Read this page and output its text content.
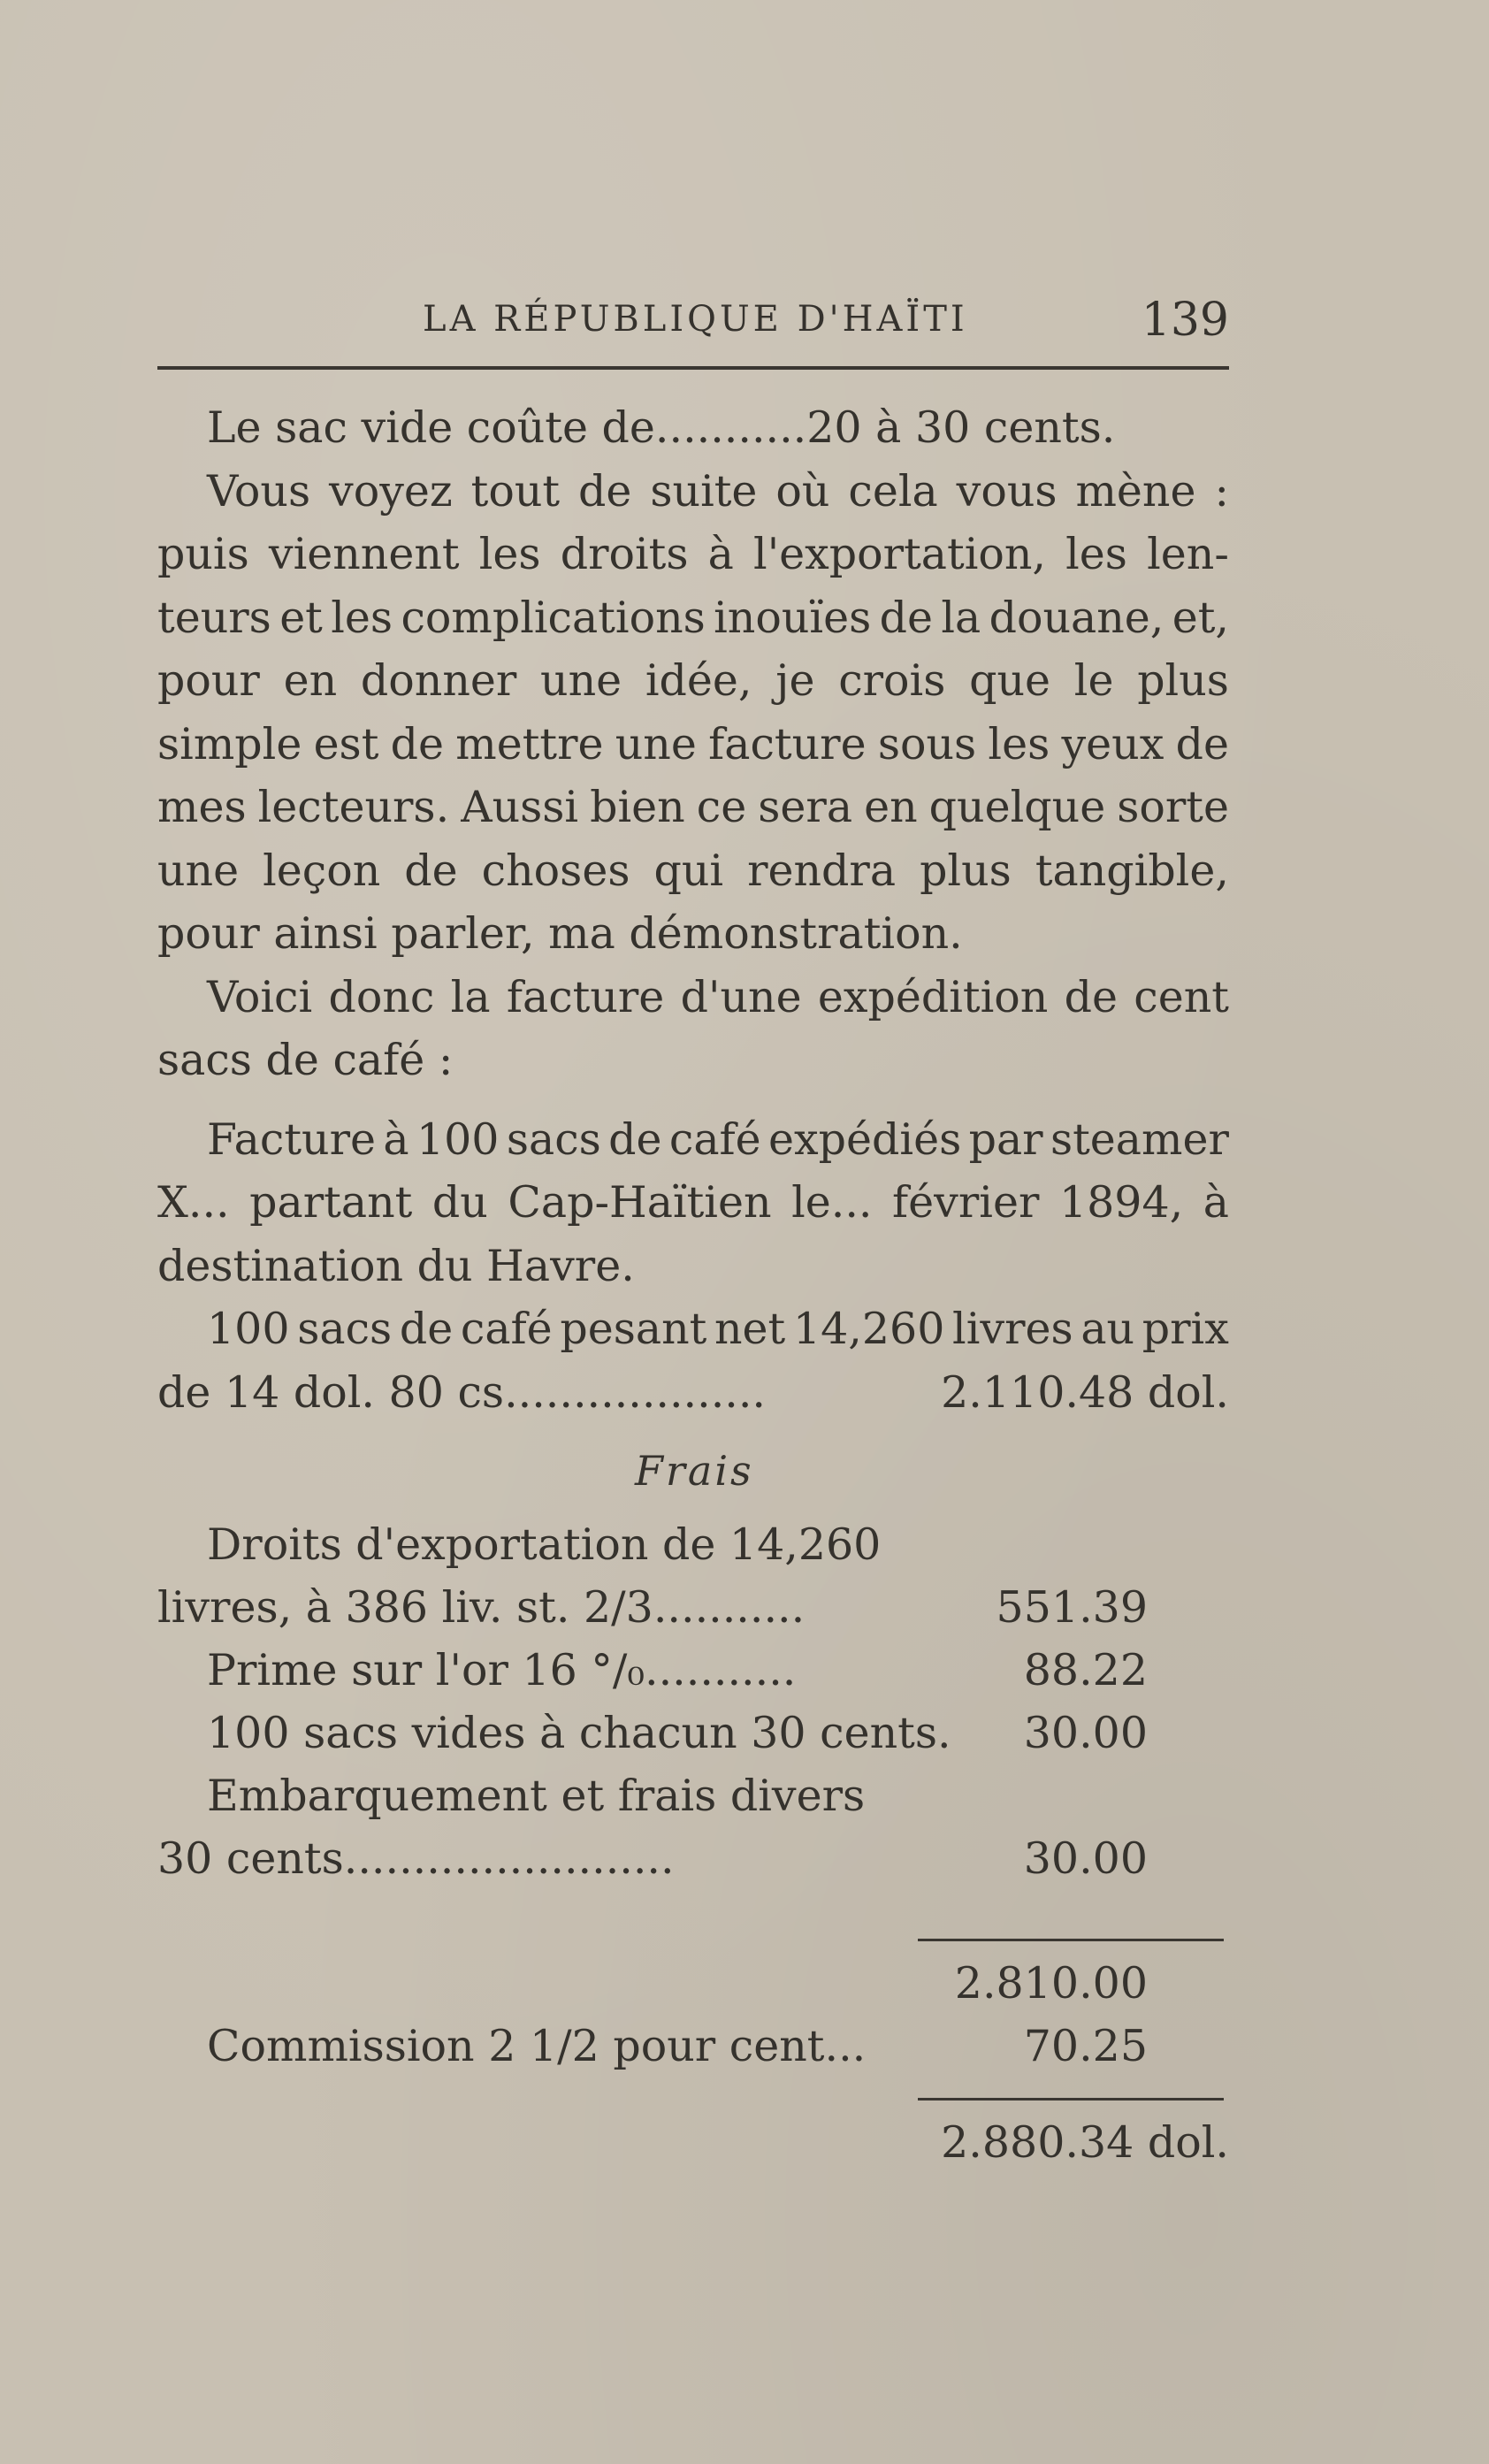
LA RÉPUBLIQUE D'HAÏTI	139
Le sac vide coûte de...........20 à 30 cents.
Vous voyez tout de suite où cela vous mène :
puis viennent les droits à l'exportation, les len-
teurs et les complications inouïes de la douane, et,
pour en donner une idée, je crois que le plus
simple est de mettre une facture sous les yeux de
mes lecteurs. Aussi bien ce sera en quelque sorte
une leçon de choses qui rendra plus tangible,
pour ainsi parler, ma démonstration.
Voici donc la facture d'une expédition de cent
sacs de café :
Facture à 100 sacs de café expédiés par steamer
X... partant du Cap-Haïtien le... février 1894, à
destination du Havre.
100 sacs de café pesant net 14,260 livres au prix
de 14 dol. 80 cs...................	2.110.48 dol.
Frais
Droits d'exportation de 14,260
livres, à 386 liv. st. 2/3...........	551.39
Prime sur l'or 16 °/₀...........	88.22
100 sacs vides à chacun 30 cents. 30.00
Embarquement et frais divers
30 cents........................	30.00
2.810.00
Commission 2 1/2 pour cent...	70.25
2.880.34 dol.
